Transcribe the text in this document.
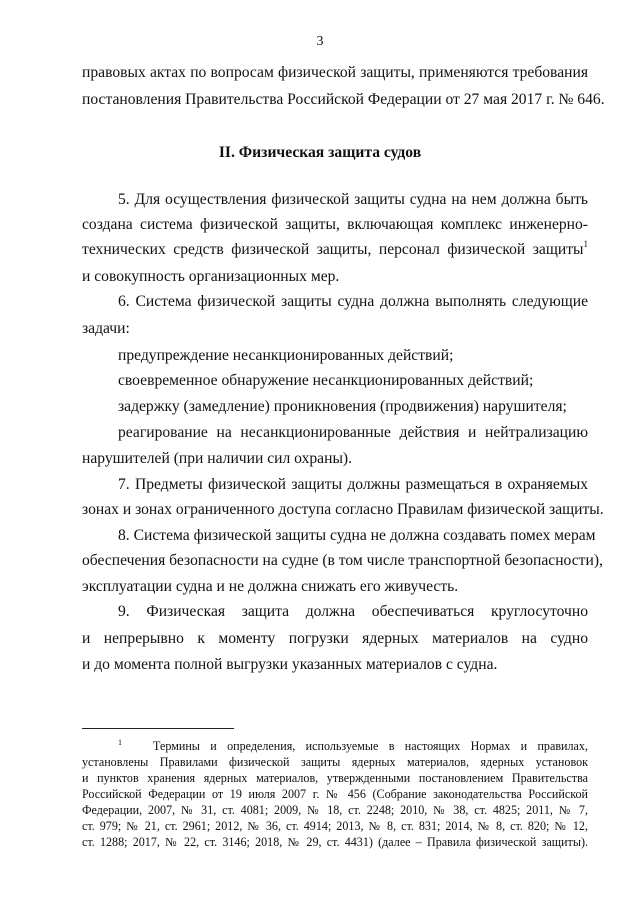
3
правовых актах по вопросам физической защиты, применяются требования
постановления Правительства Российской Федерации от 27 мая 2017 г. № 646.
II. Физическая защита судов
5. Для осуществления физической защиты судна на нем должна быть
создана система физической защиты, включающая комплекс инженерно-
технических средств физической защиты, персонал физической защиты$^1$
и совокупность организационных мер.
6. Система физической защиты судна должна выполнять следующие
задачи:
предупреждение несанкционированных действий;
своевременное обнаружение несанкционированных действий;
задержку (замедление) проникновения (продвижения) нарушителя;
реагирование на несанкционированные действия и нейтрализацию
нарушителей (при наличии сил охраны).
7. Предметы физической защиты должны размещаться в охраняемых
зонах и зонах ограниченного доступа согласно Правилам физической защиты.
8. Система физической защиты судна не должна создавать помех мерам
обеспечения безопасности на судне (в том числе транспортной безопасности),
эксплуатации судна и не должна снижать его живучесть.
9. Физическая защита должна обеспечиваться круглосуточно
и непрерывно к моменту погрузки ядерных материалов на судно
и до момента полной выгрузки указанных материалов с судна.
$^1$	Термины и определения, используемые в настоящих Нормах и правилах,
установлены Правилами физической защиты ядерных материалов, ядерных установок
и пунктов хранения ядерных материалов, утвержденными постановлением Правительства
Российской Федерации от 19 июля 2007 г. № 456 (Собрание законодательства Российской
Федерации, 2007, № 31, ст. 4081; 2009, № 18, ст. 2248; 2010, № 38, ст. 4825; 2011, № 7,
ст. 979; № 21, ст. 2961; 2012, № 36, ст. 4914; 2013, № 8, ст. 831; 2014, № 8, ст. 820; № 12,
ст. 1288; 2017, № 22, ст. 3146; 2018, № 29, ст. 4431) (далее – Правила физической защиты).
